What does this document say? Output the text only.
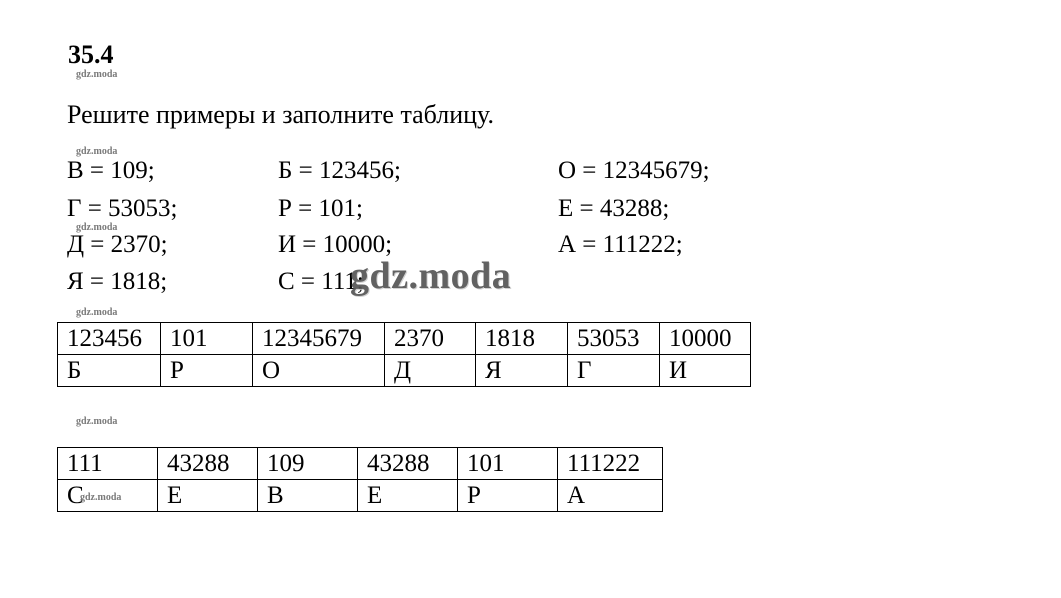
35.4
gdz.moda
Решите примеры и заполните таблицу.
gdz.moda
В = 109;
Г = 53053;
gdz.moda
Д = 2370;
Я = 1818;
Б = 123456;
Р = 101;
И = 10000;
С = 111;
О = 12345679;
Е = 43288;
А = 111222;
gdz.moda
gdz.moda
123456	101	12345679	2370	1818	53053	10000
Б	Р	О	Д	Я	Г	И
gdz.moda
111	43288	109	43288	101	111222
С	Е	В	Е	Р	А
gdz.moda
